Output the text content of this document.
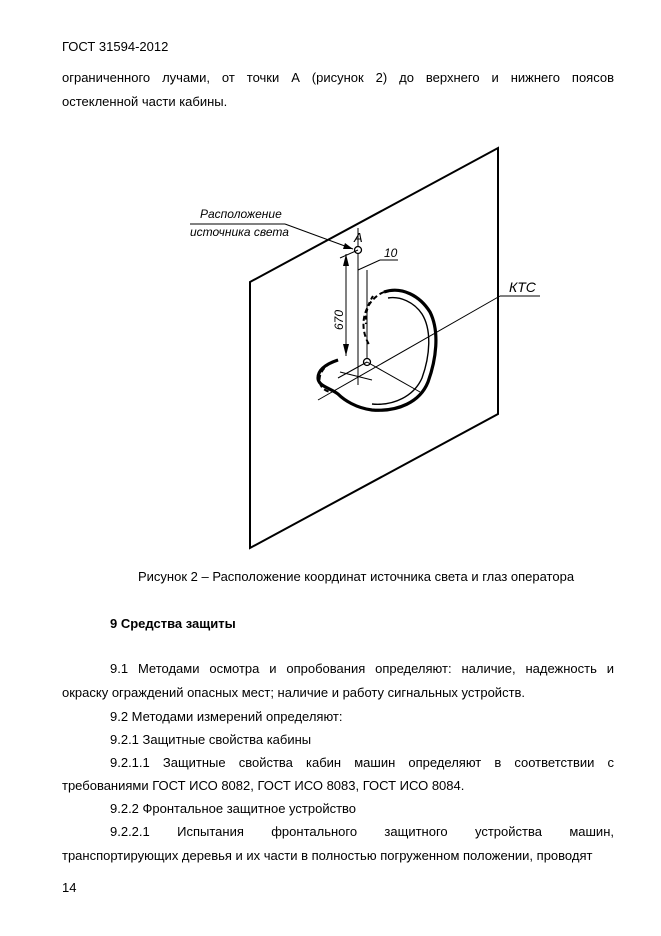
ГОСТ 31594-2012
ограниченного лучами, от точки А (рисунок 2) до верхнего и нижнего поясов
остекленной части кабины.
Расположение
источника света	A
10
670
КТС
Рисунок 2 – Расположение координат источника света и глаз оператора
9 Средства защиты
9.1 Методами осмотра и опробования определяют: наличие, надежность и
окраску ограждений опасных мест; наличие и работу сигнальных устройств.
9.2 Методами измерений определяют:
9.2.1 Защитные свойства кабины
9.2.1.1 Защитные свойства кабин машин определяют в соответствии с
требованиями ГОСТ ИСО 8082, ГОСТ ИСО 8083, ГОСТ ИСО 8084.
9.2.2 Фронтальное защитное устройство
9.2.2.1 Испытания фронтального защитного устройства машин,
транспортирующих деревья и их части в полностью погруженном положении, проводят
14
